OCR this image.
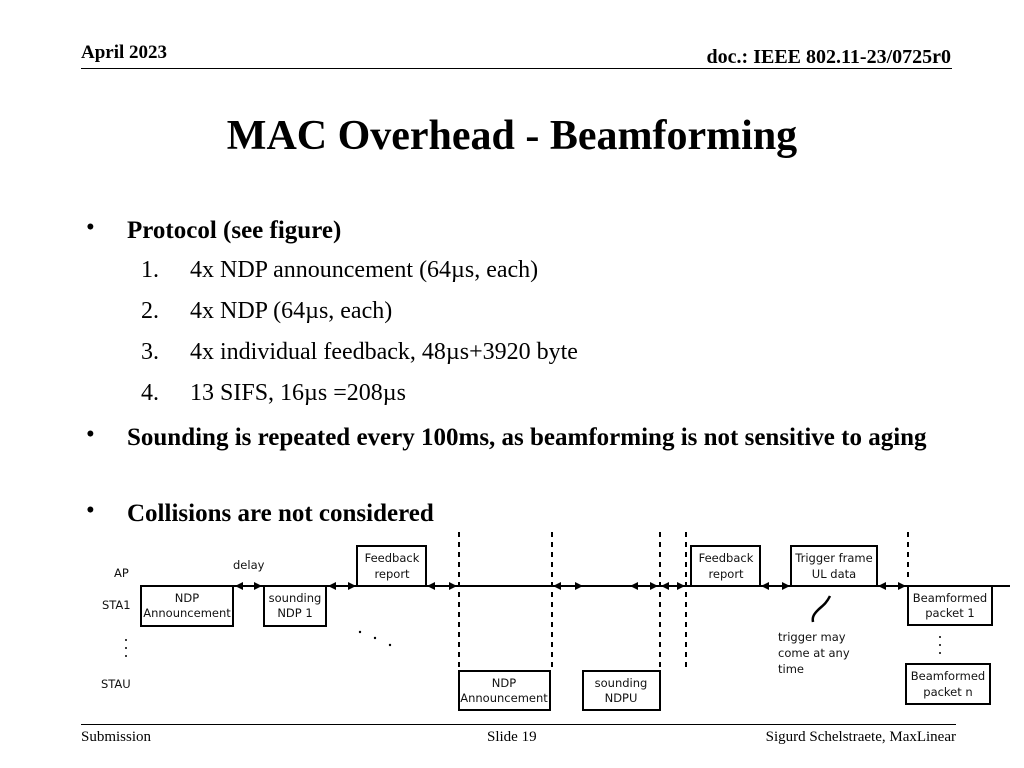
April 2023	doc.: IEEE 802.11-23/0725r0
MAC Overhead - Beamforming
• Protocol (see figure)
1. 4x NDP announcement (64µs, each)
2. 4x NDP (64µs, each)
3. 4x individual feedback, 48µs+3920 byte
4. 13 SIFS, 16µs =208µs
• Sounding is repeated every 100ms, as beamforming is not sensitive to aging
• Collisions are not considered
AP
STA1
STAU
NDP
Announcement
delay
sounding
NDP 1
Feedback
report
NDP
Announcement
sounding
NDPU
Feedback
report
Trigger frame
UL data
trigger may
come at any
time
Beamformed
packet 1
Beamformed
packet n
Submission	Slide 19	Sigurd Schelstraete, MaxLinear
